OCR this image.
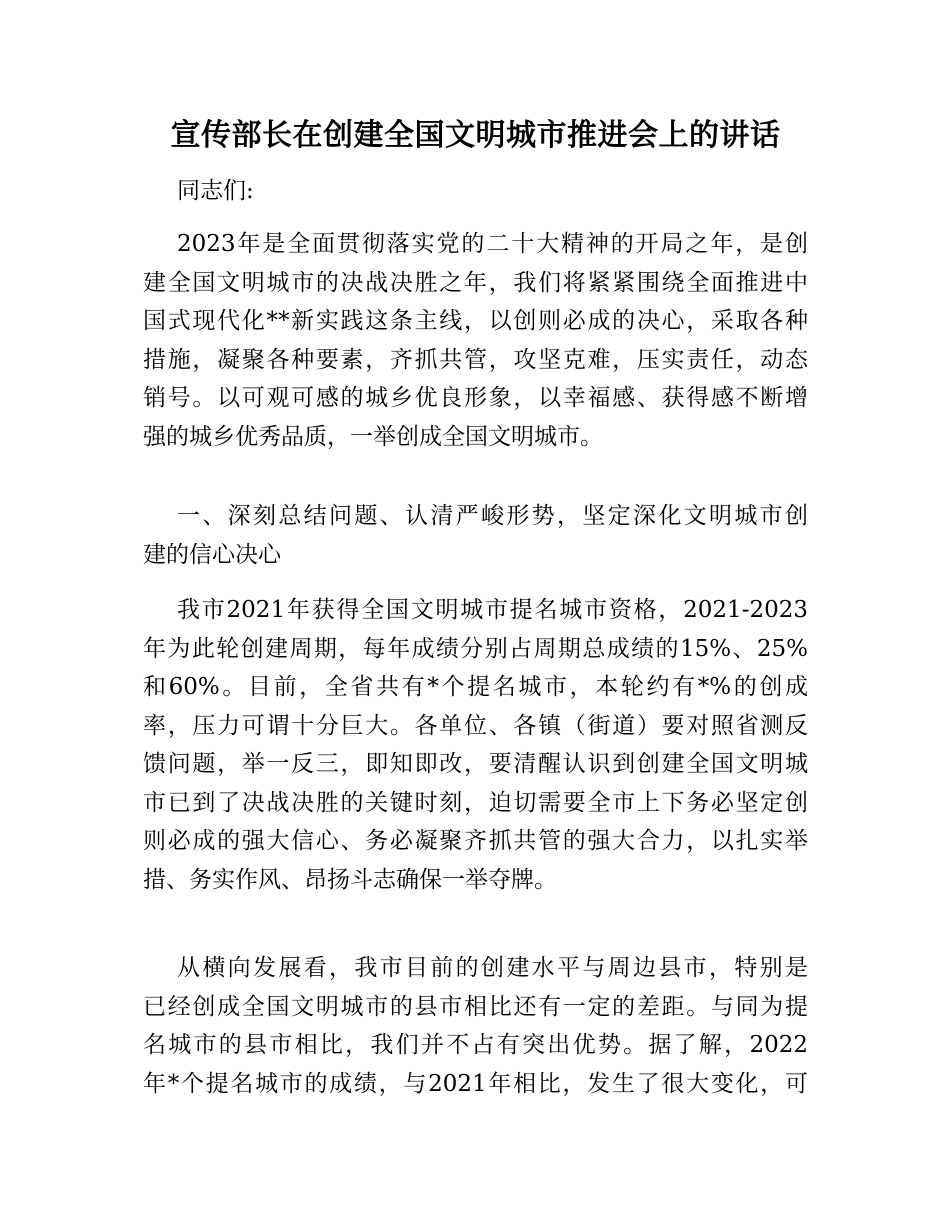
宣传部长在创建全国文明城市推进会上的讲话
同志们:
2023年是全面贯彻落实党的二十大精神的开局之年，是创
建全国文明城市的决战决胜之年，我们将紧紧围绕全面推进中
国式现代化**新实践这条主线，以创则必成的决心，采取各种
措施，凝聚各种要素，齐抓共管，攻坚克难，压实责任，动态
销号。以可观可感的城乡优良形象，以幸福感、获得感不断增
强的城乡优秀品质，一举创成全国文明城市。
一、深刻总结问题、认清严峻形势，坚定深化文明城市创
建的信心决心
我市2021年获得全国文明城市提名城市资格，2021-2023
年为此轮创建周期，每年成绩分别占周期总成绩的15%、25%
和60%。目前，全省共有*个提名城市，本轮约有*%的创成
率，压力可谓十分巨大。各单位、各镇（街道）要对照省测反
馈问题，举一反三，即知即改，要清醒认识到创建全国文明城
市已到了决战决胜的关键时刻，迫切需要全市上下务必坚定创
则必成的强大信心、务必凝聚齐抓共管的强大合力，以扎实举
措、务实作风、昂扬斗志确保一举夺牌。
从横向发展看，我市目前的创建水平与周边县市，特别是
已经创成全国文明城市的县市相比还有一定的差距。与同为提
名城市的县市相比，我们并不占有突出优势。据了解，2022
年*个提名城市的成绩，与2021年相比，发生了很大变化，可
